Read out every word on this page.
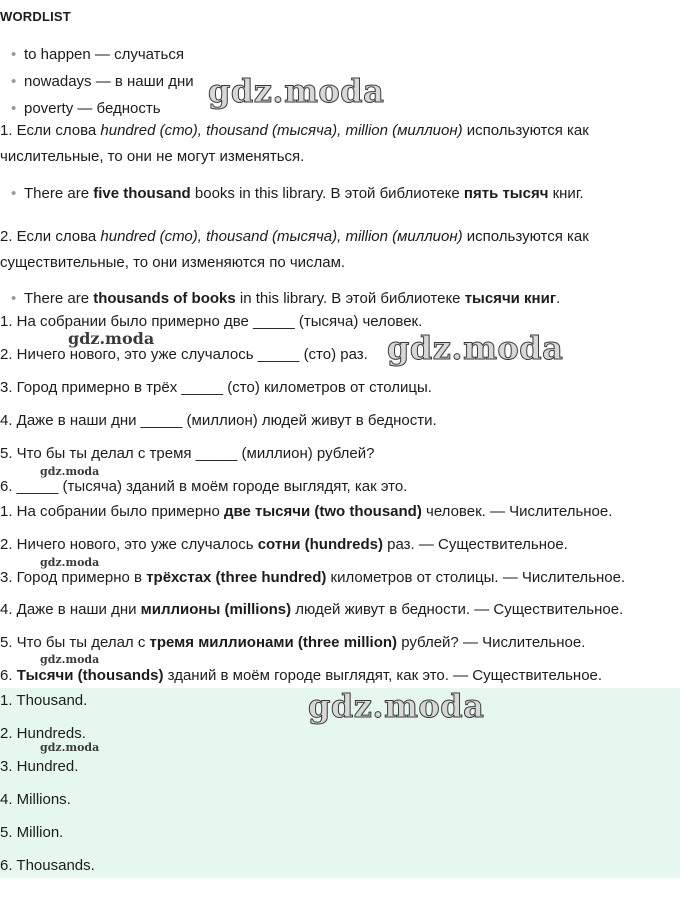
WORDLIST
• to happen — случаться
• nowadays — в наши дни
• poverty — бедность
1. Если слова hundred (сто), thousand (тысяча), million (миллион) используются как
числительные, то они не могут изменяться.
• There are five thousand books in this library. В этой библиотеке пять тысяч книг.
2. Если слова hundred (сто), thousand (тысяча), million (миллион) используются как
существительные, то они изменяются по числам.
• There are thousands of books in this library. В этой библиотеке тысячи книг.
1. На собрании было примерно две _____ (тысяча) человек.
2. Ничего нового, это уже случалось _____ (сто) раз.
3. Город примерно в трёх _____ (сто) километров от столицы.
4. Даже в наши дни _____ (миллион) людей живут в бедности.
5. Что бы ты делал с тремя _____ (миллион) рублей?
6. _____ (тысяча) зданий в моём городе выглядят, как это.
1. На собрании было примерно две тысячи (two thousand) человек. — Числительное.
2. Ничего нового, это уже случалось сотни (hundreds) раз. — Существительное.
3. Город примерно в трёхстах (three hundred) километров от столицы. — Числительное.
4. Даже в наши дни миллионы (millions) людей живут в бедности. — Существительное.
5. Что бы ты делал с тремя миллионами (three million) рублей? — Числительное.
6. Тысячи (thousands) зданий в моём городе выглядят, как это. — Существительное.
1. Thousand.
2. Hundreds.
3. Hundred.
4. Millions.
5. Million.
6. Thousands.
gdz.moda
gdz.moda
gdz.moda
gdz.moda
gdz.moda
gdz.moda
gdz.moda
gdz.moda
